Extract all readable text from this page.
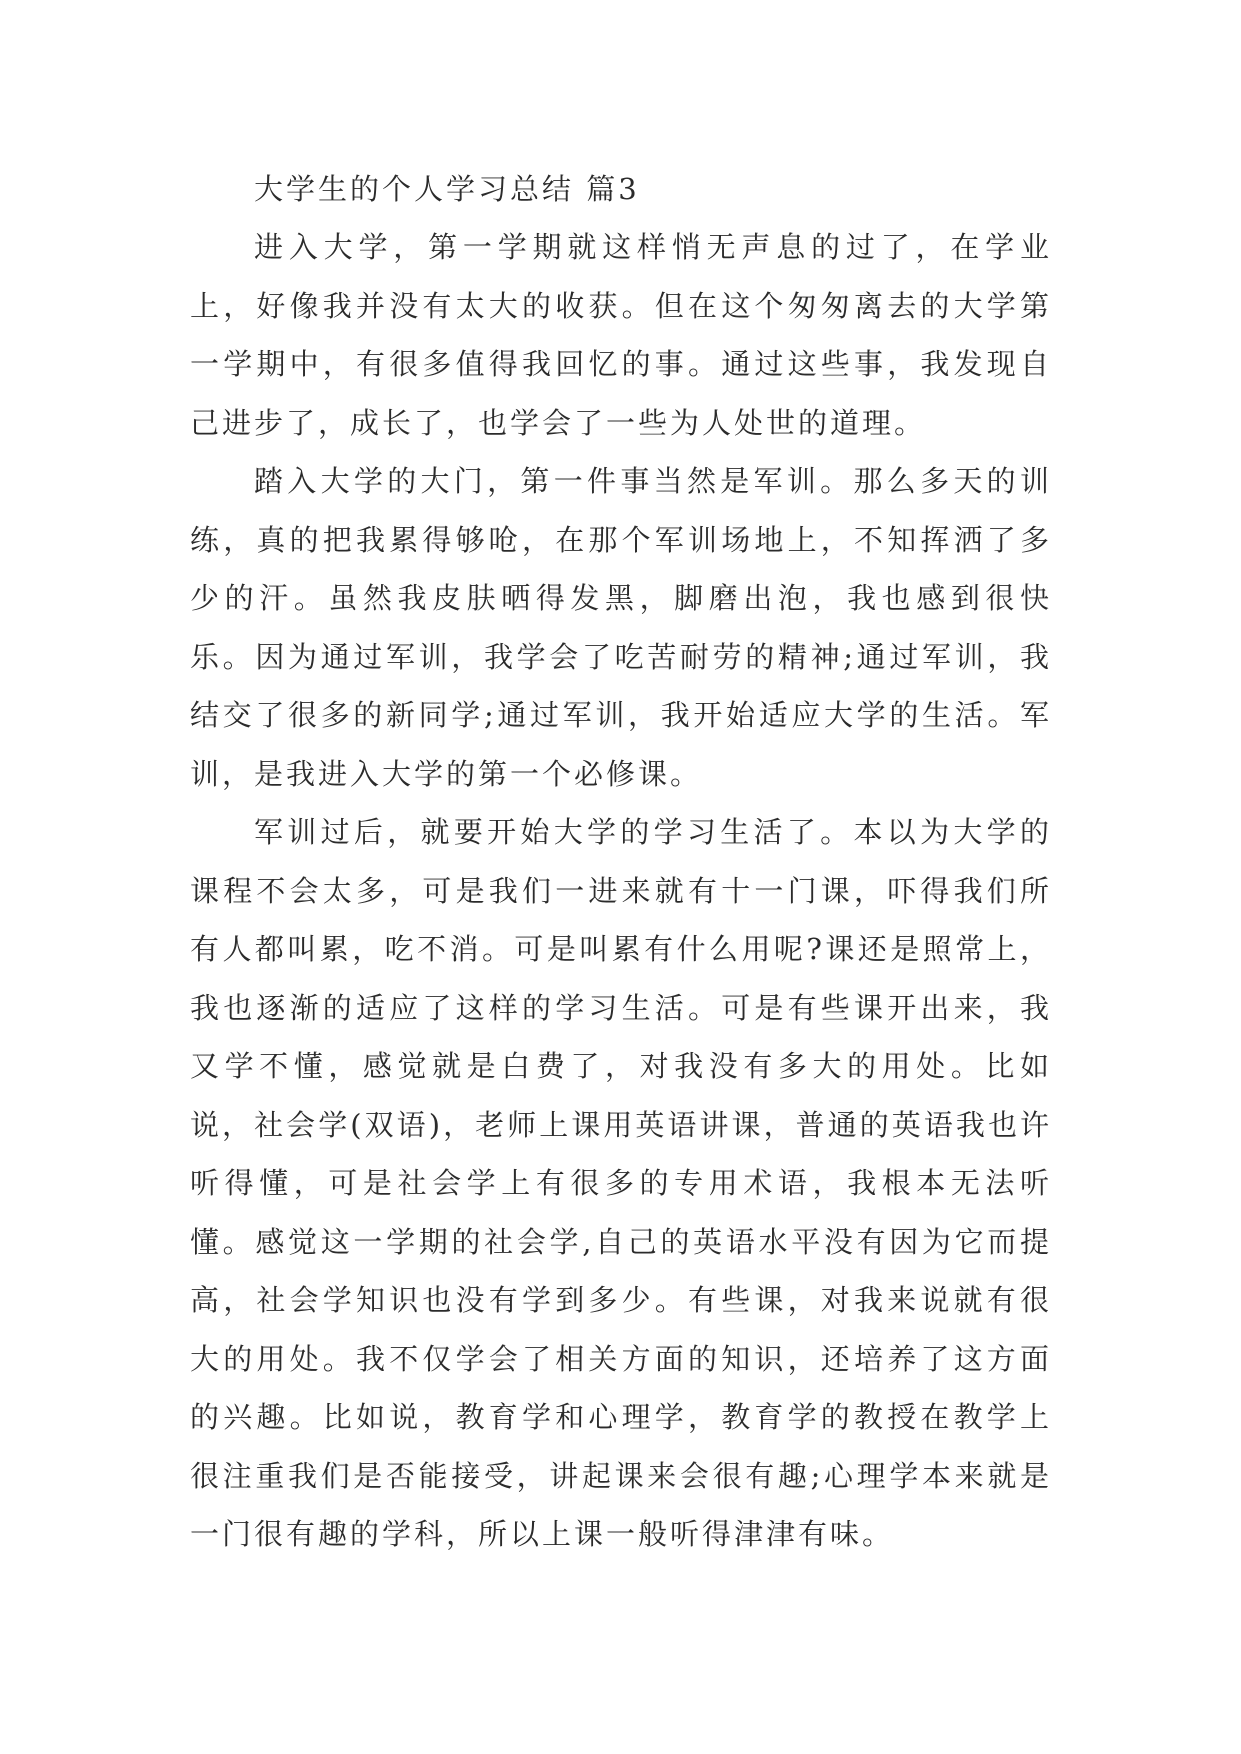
大学生的个人学习总结 篇3

进入大学，第一学期就这样悄无声息的过了，在学业上，好像我并没有太大的收获。但在这个匆匆离去的大学第一学期中，有很多值得我回忆的事。通过这些事，我发现自己进步了，成长了，也学会了一些为人处世的道理。

踏入大学的大门，第一件事当然是军训。那么多天的训练，真的把我累得够呛，在那个军训场地上，不知挥洒了多少的汗。虽然我皮肤晒得发黑，脚磨出泡，我也感到很快乐。因为通过军训，我学会了吃苦耐劳的精神;通过军训，我结交了很多的新同学;通过军训，我开始适应大学的生活。军训，是我进入大学的第一个必修课。

军训过后，就要开始大学的学习生活了。本以为大学的课程不会太多，可是我们一进来就有十一门课，吓得我们所有人都叫累，吃不消。可是叫累有什么用呢?课还是照常上，我也逐渐的适应了这样的学习生活。可是有些课开出来，我又学不懂，感觉就是白费了，对我没有多大的用处。比如说，社会学(双语)，老师上课用英语讲课，普通的英语我也许听得懂，可是社会学上有很多的专用术语，我根本无法听懂。感觉这一学期的社会学,自己的英语水平没有因为它而提高，社会学知识也没有学到多少。有些课，对我来说就有很大的用处。我不仅学会了相关方面的知识，还培养了这方面的兴趣。比如说，教育学和心理学，教育学的教授在教学上很注重我们是否能接受，讲起课来会很有趣;心理学本来就是一门很有趣的学科，所以上课一般听得津津有味。
